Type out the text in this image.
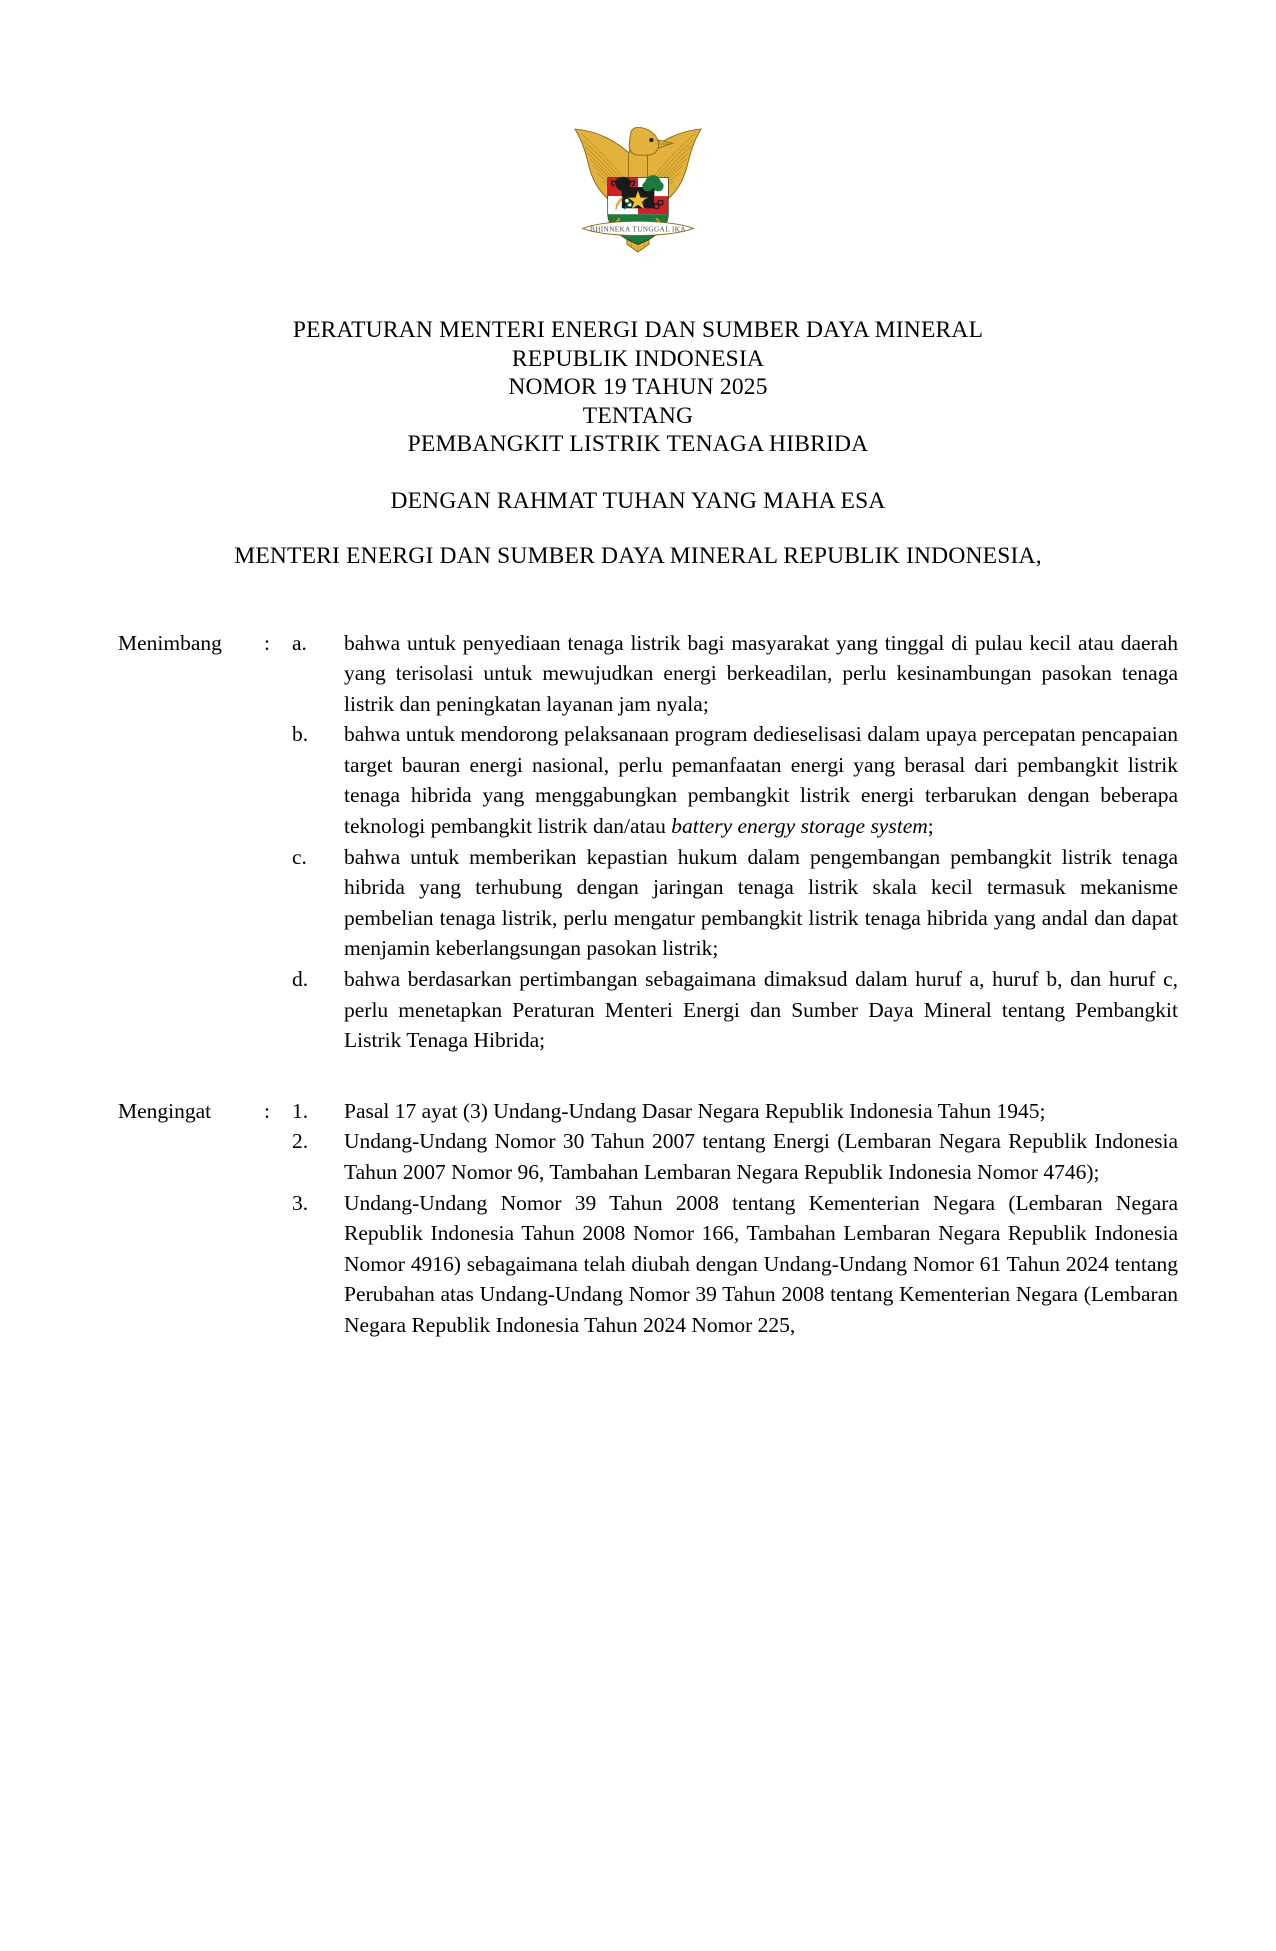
BHINNEKA TUNGGAL IKA
PERATURAN MENTERI ENERGI DAN SUMBER DAYA MINERAL
REPUBLIK INDONESIA
NOMOR 19 TAHUN 2025
TENTANG
PEMBANGKIT LISTRIK TENAGA HIBRIDA
DENGAN RAHMAT TUHAN YANG MAHA ESA
MENTERI ENERGI DAN SUMBER DAYA MINERAL REPUBLIK INDONESIA,
Menimbang	:	a.	bahwa untuk penyediaan tenaga listrik bagi masyarakat yang tinggal di pulau kecil atau daerah yang terisolasi untuk mewujudkan energi berkeadilan, perlu kesinambungan pasokan tenaga listrik dan peningkatan layanan jam nyala;
b.	bahwa untuk mendorong pelaksanaan program dedieselisasi dalam upaya percepatan pencapaian target bauran energi nasional, perlu pemanfaatan energi yang berasal dari pembangkit listrik tenaga hibrida yang menggabungkan pembangkit listrik energi terbarukan dengan beberapa teknologi pembangkit listrik dan/atau battery energy storage system;
c.	bahwa untuk memberikan kepastian hukum dalam pengembangan pembangkit listrik tenaga hibrida yang terhubung dengan jaringan tenaga listrik skala kecil termasuk mekanisme pembelian tenaga listrik, perlu mengatur pembangkit listrik tenaga hibrida yang andal dan dapat menjamin keberlangsungan pasokan listrik;
d.	bahwa berdasarkan pertimbangan sebagaimana dimaksud dalam huruf a, huruf b, dan huruf c, perlu menetapkan Peraturan Menteri Energi dan Sumber Daya Mineral tentang Pembangkit Listrik Tenaga Hibrida;
Mengingat	:	1.	Pasal 17 ayat (3) Undang-Undang Dasar Negara Republik Indonesia Tahun 1945;
2.	Undang-Undang Nomor 30 Tahun 2007 tentang Energi (Lembaran Negara Republik Indonesia Tahun 2007 Nomor 96, Tambahan Lembaran Negara Republik Indonesia Nomor 4746);
3.	Undang-Undang Nomor 39 Tahun 2008 tentang Kementerian Negara (Lembaran Negara Republik Indonesia Tahun 2008 Nomor 166, Tambahan Lembaran Negara Republik Indonesia Nomor 4916) sebagaimana telah diubah dengan Undang-Undang Nomor 61 Tahun 2024 tentang Perubahan atas Undang-Undang Nomor 39 Tahun 2008 tentang Kementerian Negara (Lembaran Negara Republik Indonesia Tahun 2024 Nomor 225,
